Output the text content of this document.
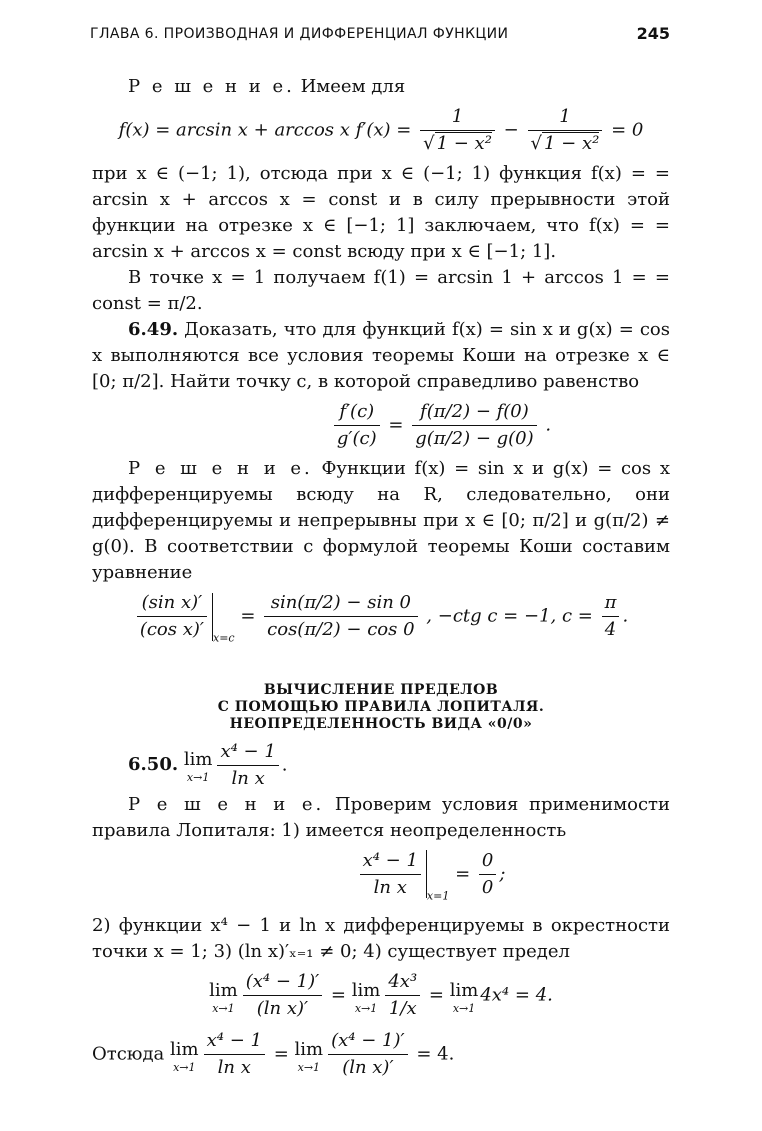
ГЛАВА 6. ПРОИЗВОДНАЯ И ДИФФЕРЕНЦИАЛ ФУНКЦИИ	245

Р е ш е н и е. Имеем для

f(x) = arcsin x + arccos x $f'(x) = \frac{1}{\text{√ 1 − x²}} - \frac{1}{\text{√ 1 − x²}} = 0$

при x ∈ (−1; 1), отсюда при x ∈ (−1; 1) функция f(x) = = arcsin x + arccos x = const и в силу прерывности этой функции на отрезке x ∈ [−1; 1] заключаем, что f(x) = = arcsin x + arccos x = const всюду при x ∈ [−1; 1].

В точке x = 1 получаем f(1) = arcsin 1 + arccos 1 = = const = π/2.

6.49. Доказать, что для функций f(x) = sin x и g(x) = cos x выполняются все условия теоремы Коши на отрезке x ∈ [0; π/2]. Найти точку c, в которой справедливо равенство

$\frac{f'(c)}{g'(c)} = \frac{f(\pi/2) - f(0)}{g(\pi/2) - g(0)}$ .

Р е ш е н и е. Функции f(x) = sin x и g(x) = cos x дифференцируемы всюду на R, следовательно, они дифференцируемы и непрерывны при x ∈ [0; π/2] и g(π/2) ≠ g(0). В соответствии с формулой теоремы Коши составим уравнение

$\frac{\text{(sin x)′}}{\text{(cos x)′}} _{x=c} = \frac{\sin(\pi/2) - \sin 0}{\cos(\pi/2) - \cos 0}$ , −ctg c = −1, $c = \frac{\pi}{4}$ .
ВЫЧИСЛЕНИЕ ПРЕДЕЛОВ
С ПОМОЩЬЮ ПРАВИЛА ЛОПИТАЛЯ.
НЕОПРЕДЕЛЕННОСТЬ ВИДА «0/0»
6.50. lim
$x\to 1 \frac{\text{x⁴ − 1}}{\text{ln x}}$ .

Р е ш е н и е. Проверим условия применимости правила Лопиталя: 1) имеется неопределенность

$\frac{\text{x⁴ − 1}}{\text{ln x}} _{x=1} = \frac{0}{0}$ ;

2) функции x⁴ − 1 и ln x дифференцируемы в окрестности точки x = 1; 3) (ln x)′ₓ₌₁ ≠ 0; 4) существует предел

lim
$x\to 1 \frac{\text{(x⁴ − 1)′}}{\text{(ln x)′}} = \lim$
$x\to 1 \frac{\text{4x³}}{1/x} = \lim$
x→1
4x⁴ = 4.
Отсюда lim
$x\to 1 \frac{\text{x⁴ − 1}}{\text{ln x}} = \lim$
$x\to 1 \frac{\text{(x⁴ − 1)′}}{\text{(ln x)′}} = 4$.
